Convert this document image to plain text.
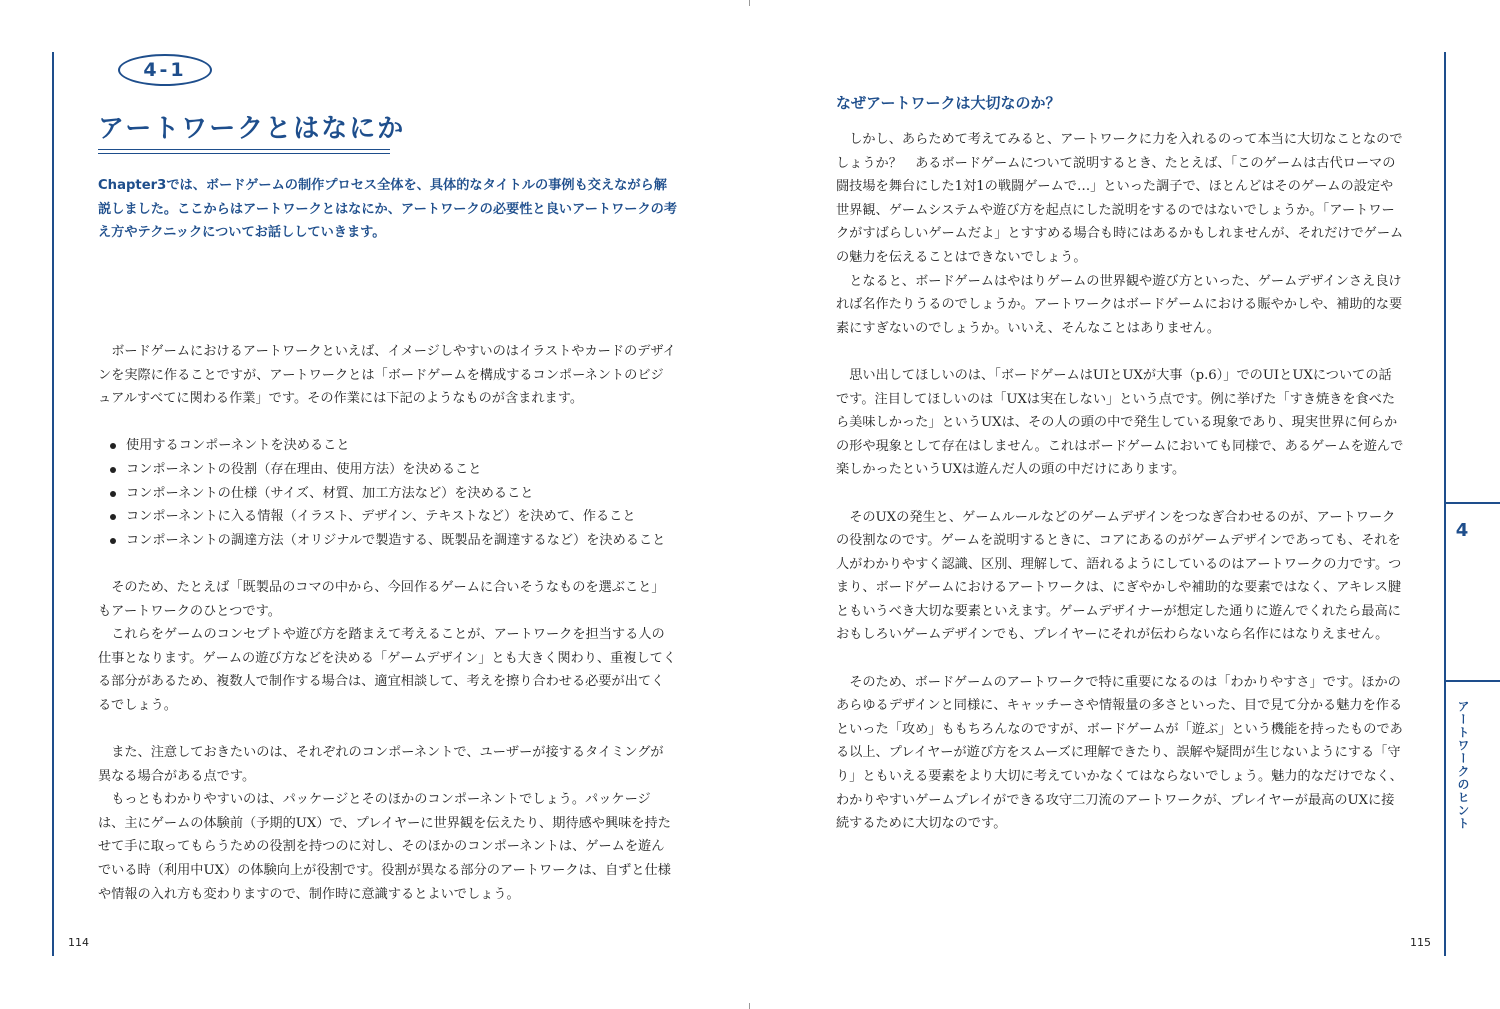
4-1
アートワークとはなにか

Chapter3では、ボードゲームの制作プロセス全体を、具体的なタイトルの事例も交えながら解説しました。ここからはアートワークとはなにか、アートワークの必要性と良いアートワークの考え方やテクニックについてお話ししていきます。

ボードゲームにおけるアートワークといえば、イメージしやすいのはイラストやカードのデザインを実際に作ることですが、アートワークとは「ボードゲームを構成するコンポーネントのビジュアルすべてに関わる作業」です。その作業には下記のようなものが含まれます。

使用するコンポーネントを決めること
コンポーネントの役割（存在理由、使用方法）を決めること
コンポーネントの仕様（サイズ、材質、加工方法など）を決めること
コンポーネントに入る情報（イラスト、デザイン、テキストなど）を決めて、作ること
コンポーネントの調達方法（オリジナルで製造する、既製品を調達するなど）を決めること

そのため、たとえば「既製品のコマの中から、今回作るゲームに合いそうなものを選ぶこと」もアートワークのひとつです。

これらをゲームのコンセプトや遊び方を踏まえて考えることが、アートワークを担当する人の仕事となります。ゲームの遊び方などを決める「ゲームデザイン」とも大きく関わり、重複してくる部分があるため、複数人で制作する場合は、適宜相談して、考えを擦り合わせる必要が出てくるでしょう。

また、注意しておきたいのは、それぞれのコンポーネントで、ユーザーが接するタイミングが異なる場合がある点です。

もっともわかりやすいのは、パッケージとそのほかのコンポーネントでしょう。パッケージは、主にゲームの体験前（予期的UX）で、プレイヤーに世界観を伝えたり、期待感や興味を持たせて手に取ってもらうための役割を持つのに対し、そのほかのコンポーネントは、ゲームを遊んでいる時（利用中UX）の体験向上が役割です。役割が異なる部分のアートワークは、自ずと仕様や情報の入れ方も変わりますので、制作時に意識するとよいでしょう。

114
なぜアートワークは大切なのか？

しかし、あらためて考えてみると、アートワークに力を入れるのって本当に大切なことなのでしょうか？　あるボードゲームについて説明するとき、たとえば、「このゲームは古代ローマの闘技場を舞台にした1対1の戦闘ゲームで…」といった調子で、ほとんどはそのゲームの設定や世界観、ゲームシステムや遊び方を起点にした説明をするのではないでしょうか。「アートワークがすばらしいゲームだよ」とすすめる場合も時にはあるかもしれませんが、それだけでゲームの魅力を伝えることはできないでしょう。

となると、ボードゲームはやはりゲームの世界観や遊び方といった、ゲームデザインさえ良ければ名作たりうるのでしょうか。アートワークはボードゲームにおける賑やかしや、補助的な要素にすぎないのでしょうか。いいえ、そんなことはありません。

思い出してほしいのは、「ボードゲームはUIとUXが大事（p.6）」でのUIとUXについての話です。注目してほしいのは「UXは実在しない」という点です。例に挙げた「すき焼きを食べたら美味しかった」というUXは、その人の頭の中で発生している現象であり、現実世界に何らかの形や現象として存在はしません。これはボードゲームにおいても同様で、あるゲームを遊んで楽しかったというUXは遊んだ人の頭の中だけにあります。

そのUXの発生と、ゲームルールなどのゲームデザインをつなぎ合わせるのが、アートワークの役割なのです。ゲームを説明するときに、コアにあるのがゲームデザインであっても、それを人がわかりやすく認識、区別、理解して、語れるようにしているのはアートワークの力です。つまり、ボードゲームにおけるアートワークは、にぎやかしや補助的な要素ではなく、アキレス腱ともいうべき大切な要素といえます。ゲームデザイナーが想定した通りに遊んでくれたら最高におもしろいゲームデザインでも、プレイヤーにそれが伝わらないなら名作にはなりえません。

そのため、ボードゲームのアートワークで特に重要になるのは「わかりやすさ」です。ほかのあらゆるデザインと同様に、キャッチーさや情報量の多さといった、目で見て分かる魅力を作るといった「攻め」ももちろんなのですが、ボードゲームが「遊ぶ」という機能を持ったものである以上、プレイヤーが遊び方をスムーズに理解できたり、誤解や疑問が生じないようにする「守り」ともいえる要素をより大切に考えていかなくてはならないでしょう。魅力的なだけでなく、わかりやすいゲームプレイができる攻守二刀流のアートワークが、プレイヤーが最高のUXに接続するために大切なのです。

115
4
アートワークのヒント
